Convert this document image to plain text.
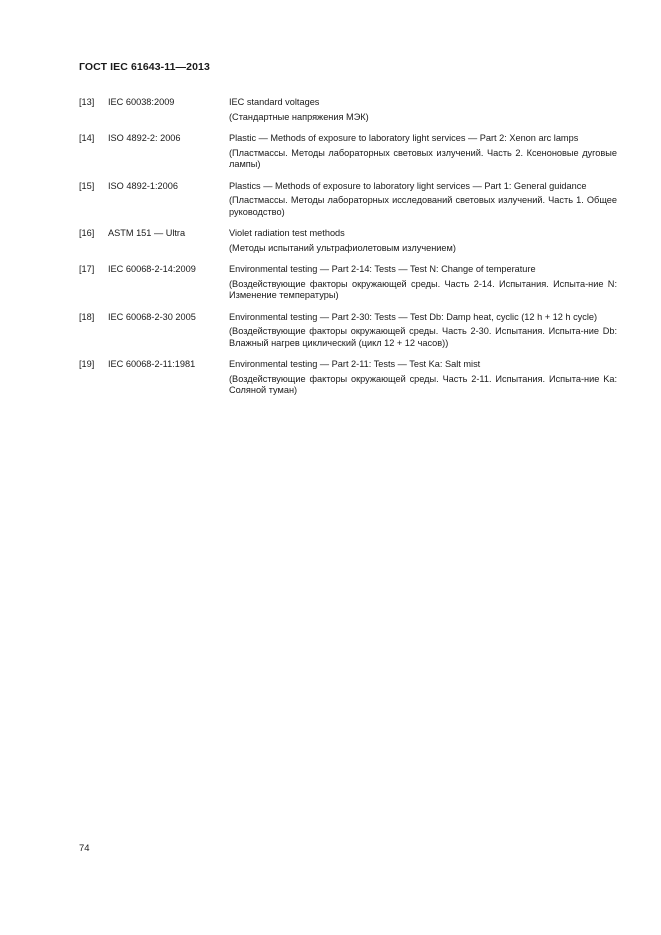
ГОСТ IEC 61643-11—2013
[13]	IEC 60038:2009	IEC standard voltages
(Стандартные напряжения МЭК)
[14]	ISO 4892-2: 2006	Plastic — Methods of exposure to laboratory light services — Part 2: Xenon arc lamps
(Пластмассы. Методы лабораторных световых излучений. Часть 2. Ксеноновые дуговые лампы)
[15]	ISO 4892-1:2006	Plastics — Methods of exposure to laboratory light services — Part 1: General guidance
(Пластмассы. Методы лабораторных исследований световых излучений. Часть 1. Общее руководство)
[16]	ASTM 151 — Ultra	Violet radiation test methods
(Методы испытаний ультрафиолетовым излучением)
[17]	IEC 60068-2-14:2009	Environmental testing — Part 2-14: Tests — Test N: Change of temperature
(Воздействующие факторы окружающей среды. Часть 2-14. Испытания. Испыта-ние N: Изменение температуры)
[18]	IEC 60068-2-30 2005	Environmental testing — Part 2-30: Tests — Test Db: Damp heat, cyclic (12 h + 12 h cycle)
(Воздействующие факторы окружающей среды. Часть 2-30. Испытания. Испыта-ние Db: Влажный нагрев циклический (цикл 12 + 12 часов))
[19]	IEC 60068-2-11:1981	Environmental testing — Part 2-11: Tests — Test Ka: Salt mist
(Воздействующие факторы окружающей среды. Часть 2-11. Испытания. Испыта-ние Ka: Соляной туман)
74
